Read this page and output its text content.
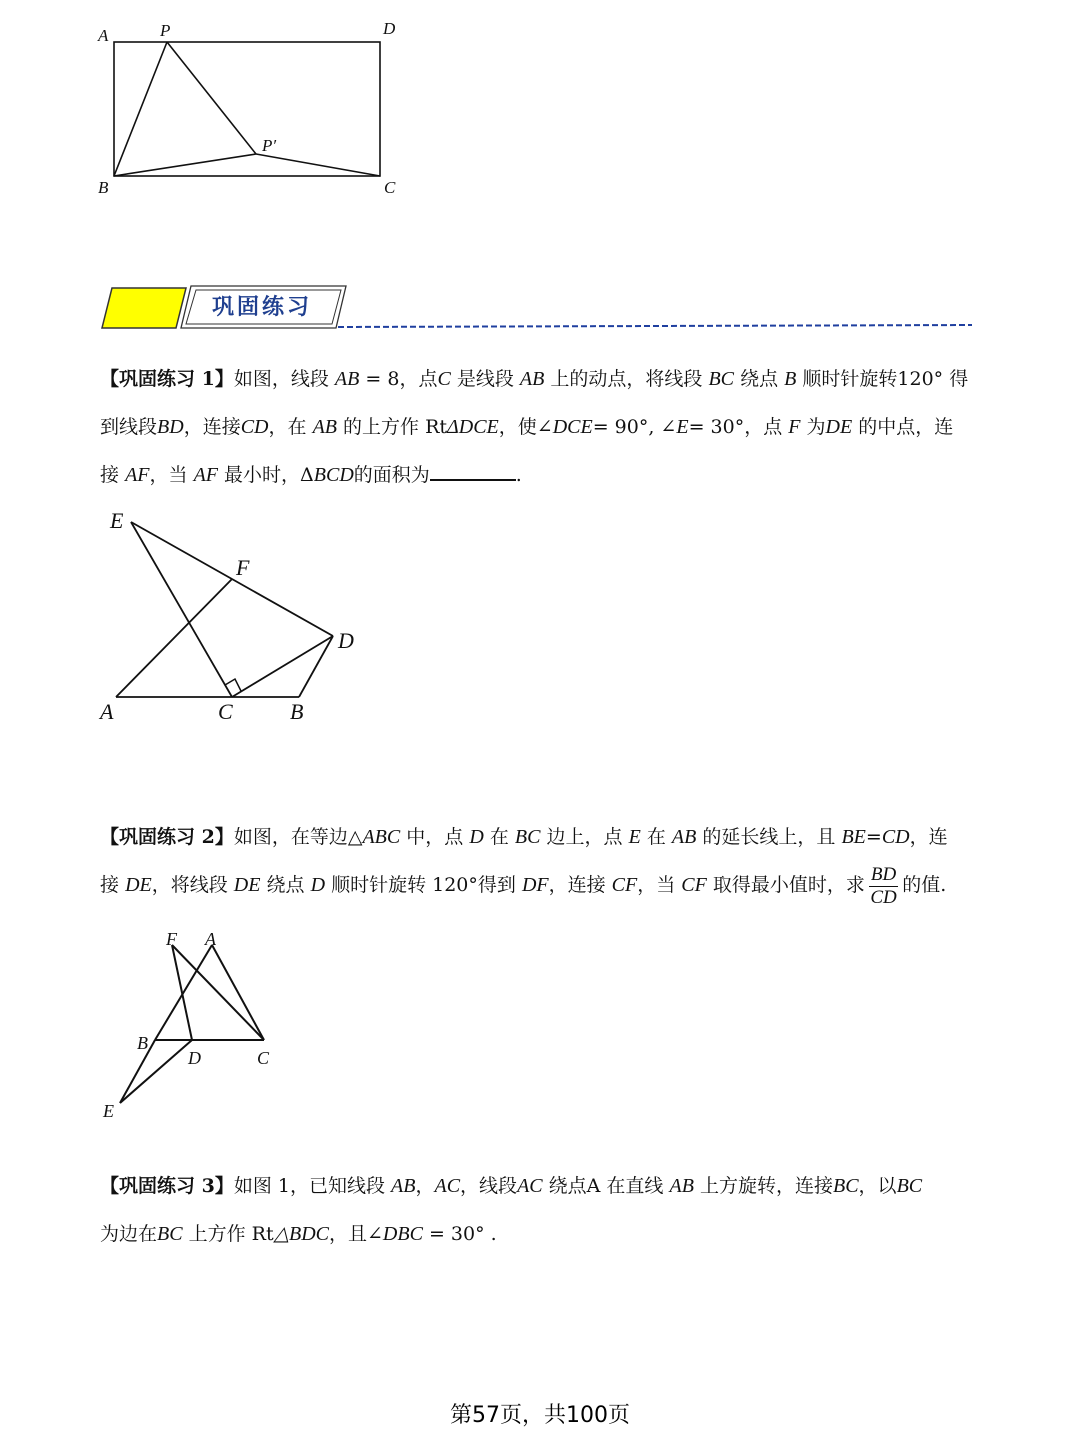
A	P	D
P′
B	C
巩固练习
【巩固练习 1】如图，线段 AB = 8，点C 是线段 AB 上的动点，将线段 BC 绕点 B 顺时针旋转120° 得
到线段BD，连接CD，在 AB 的上方作 RtΔDCE，使∠DCE= 90°, ∠E= 30°，点 F 为DE 的中点，连
接 AF，当 AF 最小时，ΔBCD的面积为	.
E
F
D
A	C	B
【巩固练习 2】如图，在等边△ABC 中，点 D 在 BC 边上，点 E 在 AB 的延长线上，且 BE=CD，连
接 DE，将线段 DE 绕点 D 顺时针旋转 120°得到 DF，连接 CF，当 CF 取得最小值时，求 $\frac{BD}{CD}$ 的值.
F A
B
D	C
E
【巩固练习 3】如图 1，已知线段 AB，AC，线段AC 绕点A 在直线 AB 上方旋转，连接BC，以BC
为边在BC 上方作 Rt△BDC，且∠DBC = 30° .
第57页，共100页
